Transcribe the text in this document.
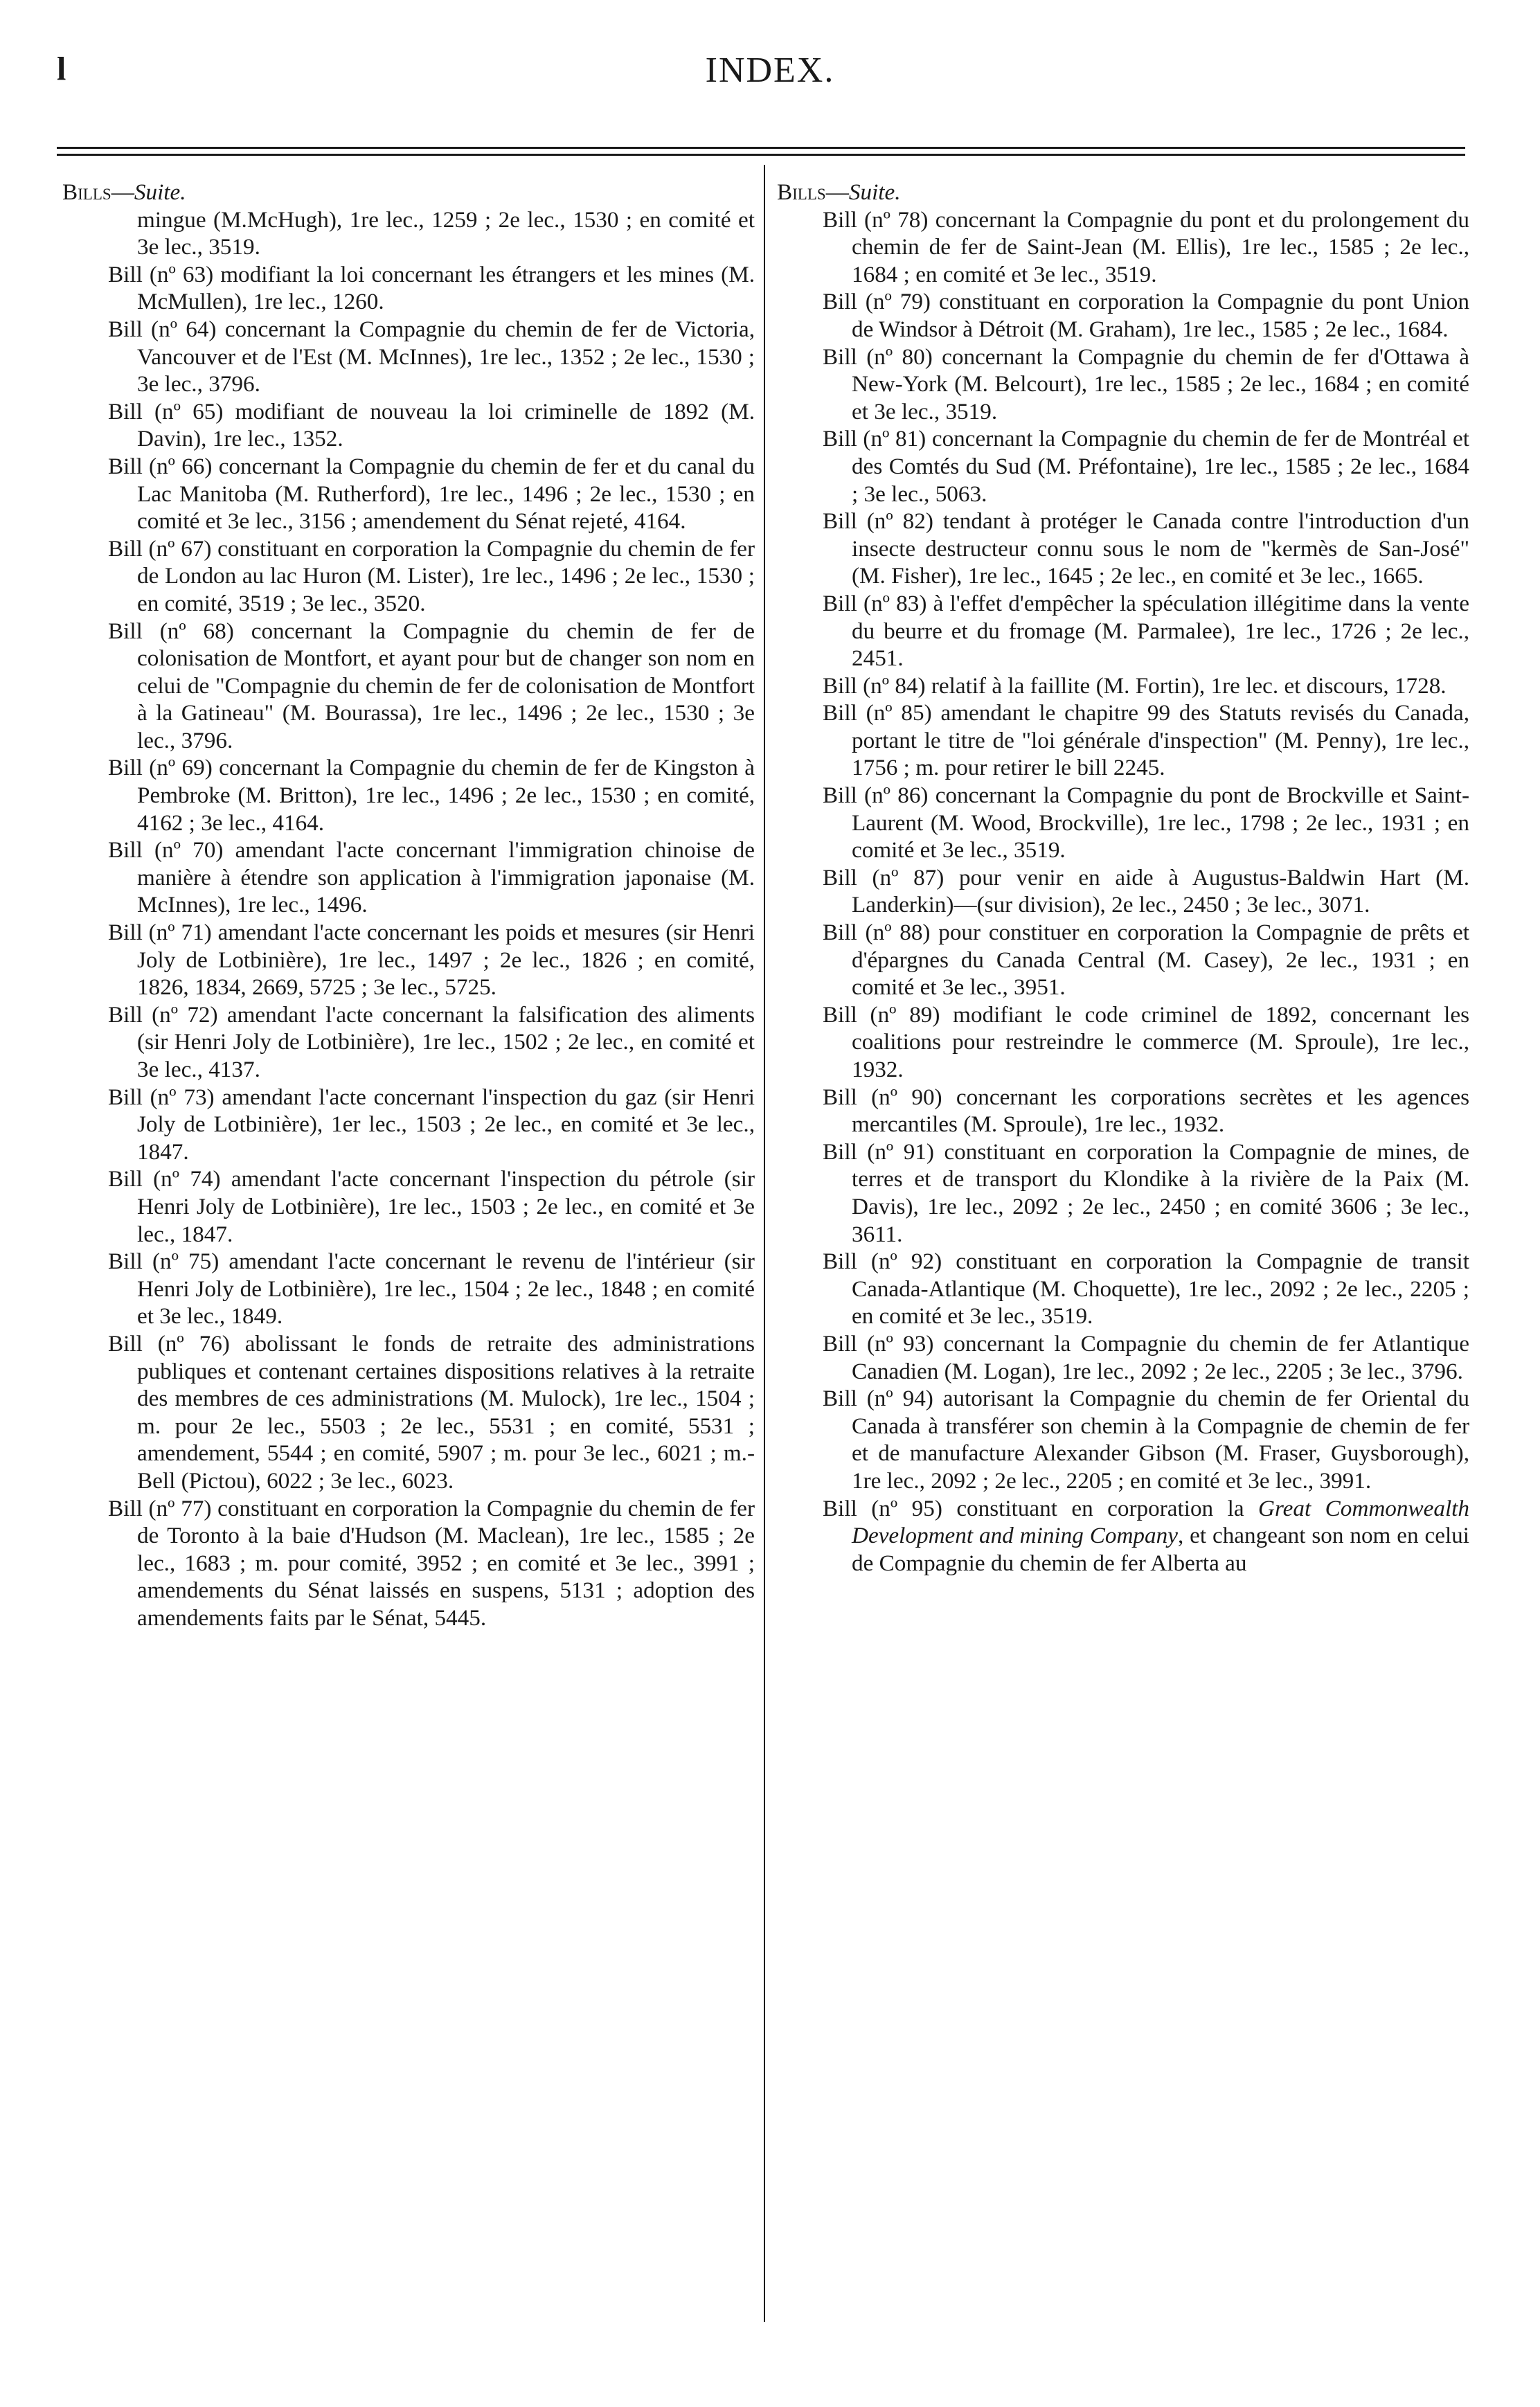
l	INDEX.
Bills—Suite.
mingue (M.McHugh), 1re lec., 1259 ; 2e lec., 1530 ; en comité et 3e lec., 3519.
Bill (nº 63) modifiant la loi concernant les étrangers et les mines (M. McMullen), 1re lec., 1260.
Bill (nº 64) concernant la Compagnie du chemin de fer de Victoria, Vancouver et de l'Est (M. McInnes), 1re lec., 1352 ; 2e lec., 1530 ; 3e lec., 3796.
Bill (nº 65) modifiant de nouveau la loi criminelle de 1892 (M. Davin), 1re lec., 1352.
Bill (nº 66) concernant la Compagnie du chemin de fer et du canal du Lac Manitoba (M. Rutherford), 1re lec., 1496 ; 2e lec., 1530 ; en comité et 3e lec., 3156 ; amendement du Sénat rejeté, 4164.
Bill (nº 67) constituant en corporation la Compagnie du chemin de fer de London au lac Huron (M. Lister), 1re lec., 1496 ; 2e lec., 1530 ; en comité, 3519 ; 3e lec., 3520.
Bill (nº 68) concernant la Compagnie du chemin de fer de colonisation de Montfort, et ayant pour but de changer son nom en celui de "Compagnie du chemin de fer de colonisation de Montfort à la Gatineau" (M. Bourassa), 1re lec., 1496 ; 2e lec., 1530 ; 3e lec., 3796.
Bill (nº 69) concernant la Compagnie du chemin de fer de Kingston à Pembroke (M. Britton), 1re lec., 1496 ; 2e lec., 1530 ; en comité, 4162 ; 3e lec., 4164.
Bill (nº 70) amendant l'acte concernant l'immigration chinoise de manière à étendre son application à l'immigration japonaise (M. McInnes), 1re lec., 1496.
Bill (nº 71) amendant l'acte concernant les poids et mesures (sir Henri Joly de Lotbinière), 1re lec., 1497 ; 2e lec., 1826 ; en comité, 1826, 1834, 2669, 5725 ; 3e lec., 5725.
Bill (nº 72) amendant l'acte concernant la falsification des aliments (sir Henri Joly de Lotbinière), 1re lec., 1502 ; 2e lec., en comité et 3e lec., 4137.
Bill (nº 73) amendant l'acte concernant l'inspection du gaz (sir Henri Joly de Lotbinière), 1er lec., 1503 ; 2e lec., en comité et 3e lec., 1847.
Bill (nº 74) amendant l'acte concernant l'inspection du pétrole (sir Henri Joly de Lotbinière), 1re lec., 1503 ; 2e lec., en comité et 3e lec., 1847.
Bill (nº 75) amendant l'acte concernant le revenu de l'intérieur (sir Henri Joly de Lotbinière), 1re lec., 1504 ; 2e lec., 1848 ; en comité et 3e lec., 1849.
Bill (nº 76) abolissant le fonds de retraite des administrations publiques et contenant certaines dispositions relatives à la retraite des membres de ces administrations (M. Mulock), 1re lec., 1504 ; m. pour 2e lec., 5503 ; 2e lec., 5531 ; en comité, 5531 ; amendement, 5544 ; en comité, 5907 ; m. pour 3e lec., 6021 ; m.-Bell (Pictou), 6022 ; 3e lec., 6023.
Bill (nº 77) constituant en corporation la Compagnie du chemin de fer de Toronto à la baie d'Hudson (M. Maclean), 1re lec., 1585 ; 2e lec., 1683 ; m. pour comité, 3952 ; en comité et 3e lec., 3991 ; amendements du Sénat laissés en suspens, 5131 ; adoption des amendements faits par le Sénat, 5445.
Bills—Suite.
Bill (nº 78) concernant la Compagnie du pont et du prolongement du chemin de fer de Saint-Jean (M. Ellis), 1re lec., 1585 ; 2e lec., 1684 ; en comité et 3e lec., 3519.
Bill (nº 79) constituant en corporation la Compagnie du pont Union de Windsor à Détroit (M. Graham), 1re lec., 1585 ; 2e lec., 1684.
Bill (nº 80) concernant la Compagnie du chemin de fer d'Ottawa à New-York (M. Belcourt), 1re lec., 1585 ; 2e lec., 1684 ; en comité et 3e lec., 3519.
Bill (nº 81) concernant la Compagnie du chemin de fer de Montréal et des Comtés du Sud (M. Préfontaine), 1re lec., 1585 ; 2e lec., 1684 ; 3e lec., 5063.
Bill (nº 82) tendant à protéger le Canada contre l'introduction d'un insecte destructeur connu sous le nom de "kermès de San-José" (M. Fisher), 1re lec., 1645 ; 2e lec., en comité et 3e lec., 1665.
Bill (nº 83) à l'effet d'empêcher la spéculation illégitime dans la vente du beurre et du fromage (M. Parmalee), 1re lec., 1726 ; 2e lec., 2451.
Bill (nº 84) relatif à la faillite (M. Fortin), 1re lec. et discours, 1728.
Bill (nº 85) amendant le chapitre 99 des Statuts revisés du Canada, portant le titre de "loi générale d'inspection" (M. Penny), 1re lec., 1756 ; m. pour retirer le bill 2245.
Bill (nº 86) concernant la Compagnie du pont de Brockville et Saint-Laurent (M. Wood, Brockville), 1re lec., 1798 ; 2e lec., 1931 ; en comité et 3e lec., 3519.
Bill (nº 87) pour venir en aide à Augustus-Baldwin Hart (M. Landerkin)—(sur division), 2e lec., 2450 ; 3e lec., 3071.
Bill (nº 88) pour constituer en corporation la Compagnie de prêts et d'épargnes du Canada Central (M. Casey), 2e lec., 1931 ; en comité et 3e lec., 3951.
Bill (nº 89) modifiant le code criminel de 1892, concernant les coalitions pour restreindre le commerce (M. Sproule), 1re lec., 1932.
Bill (nº 90) concernant les corporations secrètes et les agences mercantiles (M. Sproule), 1re lec., 1932.
Bill (nº 91) constituant en corporation la Compagnie de mines, de terres et de transport du Klondike à la rivière de la Paix (M. Davis), 1re lec., 2092 ; 2e lec., 2450 ; en comité 3606 ; 3e lec., 3611.
Bill (nº 92) constituant en corporation la Compagnie de transit Canada-Atlantique (M. Choquette), 1re lec., 2092 ; 2e lec., 2205 ; en comité et 3e lec., 3519.
Bill (nº 93) concernant la Compagnie du chemin de fer Atlantique Canadien (M. Logan), 1re lec., 2092 ; 2e lec., 2205 ; 3e lec., 3796.
Bill (nº 94) autorisant la Compagnie du chemin de fer Oriental du Canada à transférer son chemin à la Compagnie de chemin de fer et de manufacture Alexander Gibson (M. Fraser, Guysborough), 1re lec., 2092 ; 2e lec., 2205 ; en comité et 3e lec., 3991.
Bill (nº 95) constituant en corporation la Great Commonwealth Development and mining Company, et changeant son nom en celui de Compagnie du chemin de fer Alberta au
